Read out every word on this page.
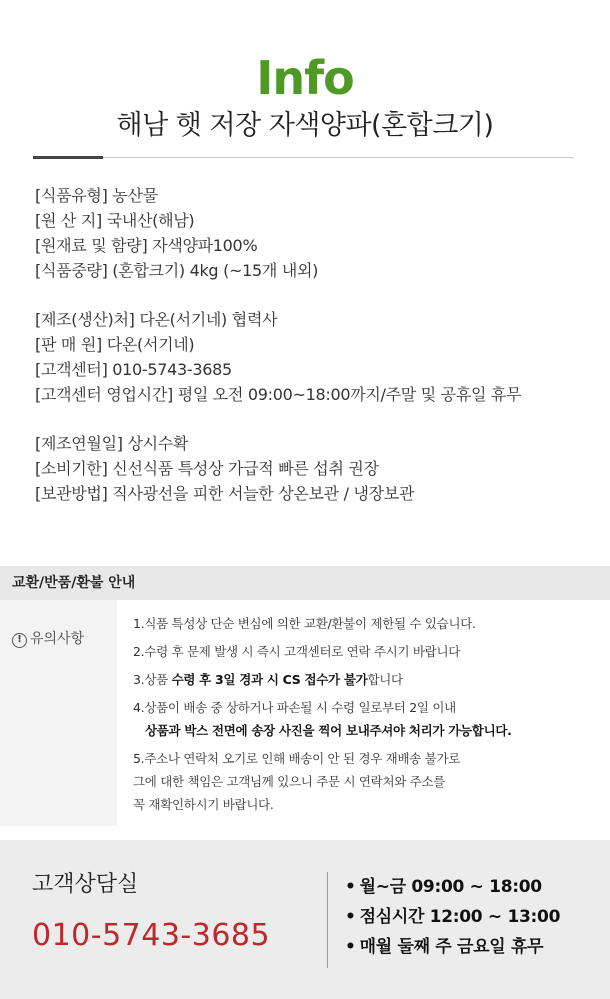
Info
해남 햇 저장 자색양파(혼합크기)
[식품유형] 농산물
[원 산 지] 국내산(해남)
[원재료 및 함량] 자색양파100%
[식품중량] (혼합크기) 4kg (~15개 내외)
[제조(생산)처] 다온(서기네) 협력사
[판 매 원] 다온(서기네)
[고객센터] 010-5743-3685
[고객센터 영업시간] 평일 오전 09:00~18:00까지/주말 및 공휴일 휴무
[제조연월일] 상시수확
[소비기한] 신선식품 특성상 가급적 빠른 섭취 권장
[보관방법] 직사광선을 피한 서늘한 상온보관 / 냉장보관
교환/반품/환불 안내
! 유의사항
1.식품 특성상 단순 변심에 의한 교환/환불이 제한될 수 있습니다.
2.수령 후 문제 발생 시 즉시 고객센터로 연락 주시기 바랍니다
3.상품 수령 후 3일 경과 시 CS 접수가 불가합니다
4.상품이 배송 중 상하거나 파손될 시 수령 일로부터 2일 이내
상품과 박스 전면에 송장 사진을 찍어 보내주셔야 처리가 가능합니다.
5.주소나 연락처 오기로 인해 배송이 안 된 경우 재배송 불가로
그에 대한 책임은 고객님께 있으니 주문 시 연락처와 주소를
꼭 재확인하시기 바랍니다.
고객상담실
010-5743-3685
• 월~금 09:00 ~ 18:00
• 점심시간 12:00 ~ 13:00
• 매월 둘째 주 금요일 휴무
